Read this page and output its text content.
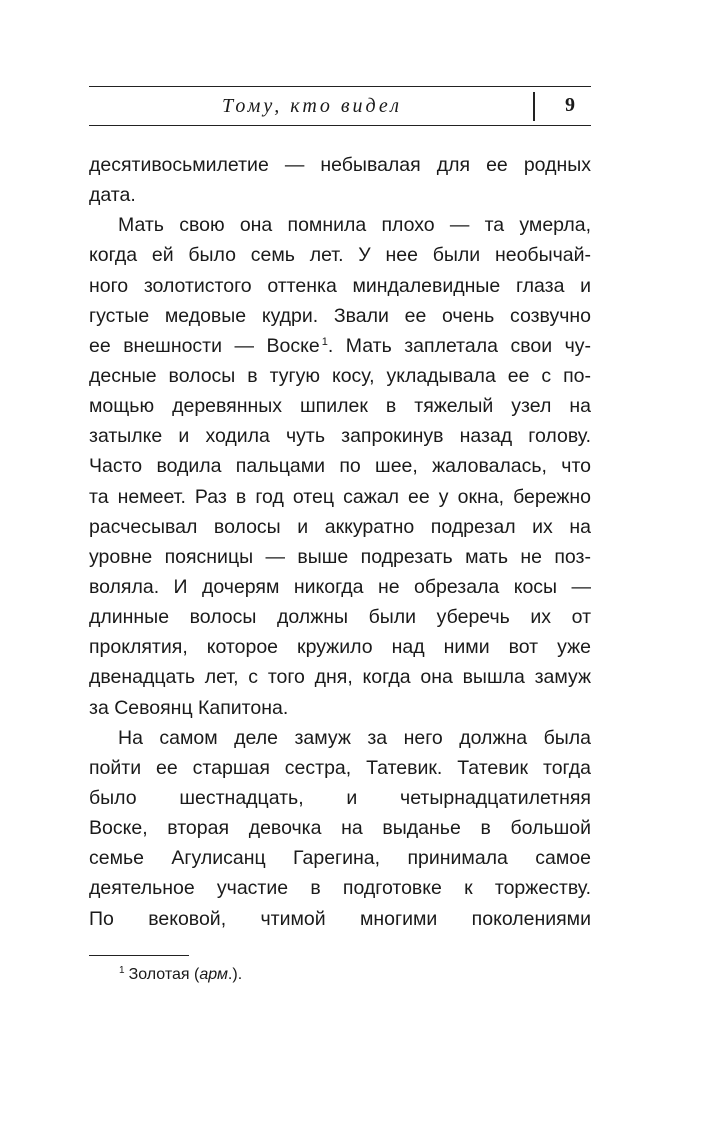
Тому, кто видел	9
десятивосьмилетие — небывалая для ее родных
дата.
Мать свою она помнила плохо — та умерла,
когда ей было семь лет. У нее были необычай-
ного золотистого оттенка миндалевидные глаза и
густые медовые кудри. Звали ее очень созвучно
ее внешности — Воске $^1$. Мать заплетала свои чу-
десные волосы в тугую косу, укладывала ее с по-
мощью деревянных шпилек в тяжелый узел на
затылке и ходила чуть запрокинув назад голову.
Часто водила пальцами по шее, жаловалась, что
та немеет. Раз в год отец сажал ее у окна, бережно
расчесывал волосы и аккуратно подрезал их на
уровне поясницы — выше подрезать мать не поз-
воляла. И дочерям никогда не обрезала косы —
длинные волосы должны были уберечь их от
проклятия, которое кружило над ними вот уже
двенадцать лет, с того дня, когда она вышла замуж
за Севоянц Капитона.
На самом деле замуж за него должна была
пойти ее старшая сестра, Татевик. Татевик тогда
было шестнадцать, и четырнадцатилетняя
Воске, вторая девочка на выданье в большой
семье Агулисанц Гарегина, принимала самое
деятельное участие в подготовке к торжеству.
По вековой, чтимой многими поколениями
$^1$ Золотая (арм.).
